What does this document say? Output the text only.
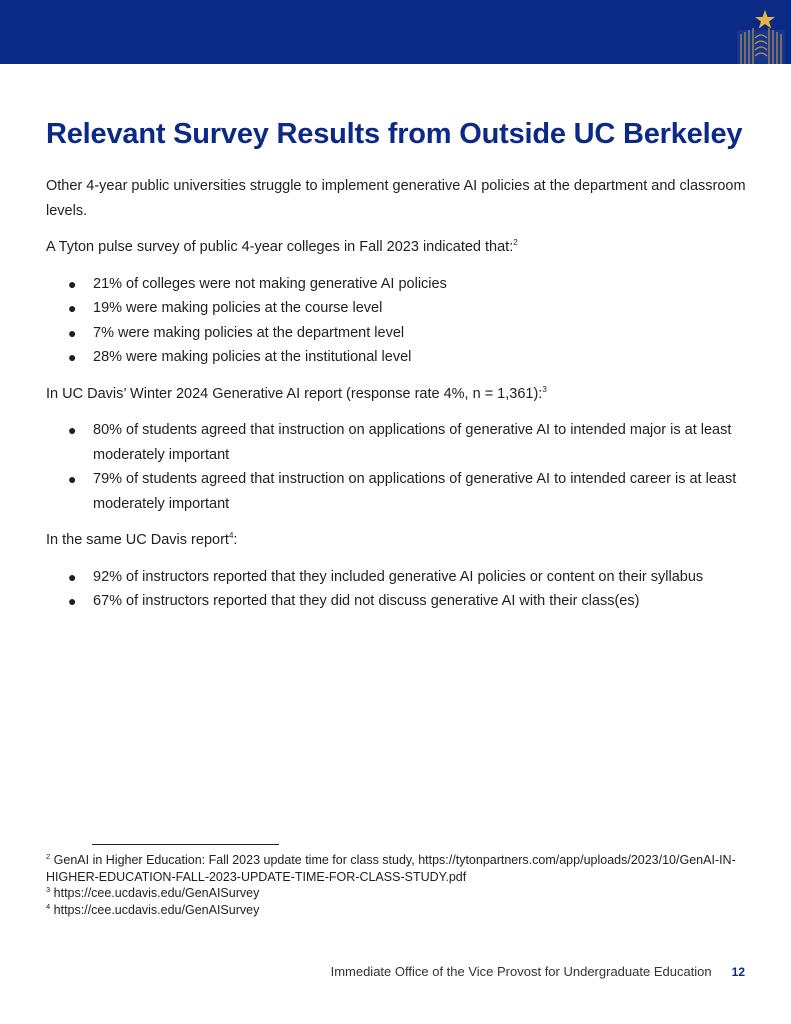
Relevant Survey Results from Outside UC Berkeley

Other 4-year public universities struggle to implement generative AI policies at the department and classroom levels.

A Tyton pulse survey of public 4-year colleges in Fall 2023 indicated that:$^2$

● 21% of colleges were not making generative AI policies
● 19% were making policies at the course level
● 7% were making policies at the department level
● 28% were making policies at the institutional level

In UC Davis’ Winter 2024 Generative AI report (response rate 4%, n = 1,361):$^3$

● 80% of students agreed that instruction on applications of generative AI to intended major is at least moderately important
● 79% of students agreed that instruction on applications of generative AI to intended career is at least moderately important

In the same UC Davis report$^4$:

● 92% of instructors reported that they included generative AI policies or content on their syllabus
● 67% of instructors reported that they did not discuss generative AI with their class(es)
$^2$ GenAI in Higher Education: Fall 2023 update time for class study, https://tytonpartners.com/app/uploads/2023/10/GenAI-IN-HIGHER-EDUCATION-FALL-2023-UPDATE-TIME-FOR-CLASS-STUDY.pdf
$^3$ https://cee.ucdavis.edu/GenAISurvey
$^4$ https://cee.ucdavis.edu/GenAISurvey
Immediate Office of the Vice Provost for Undergraduate Education 12
